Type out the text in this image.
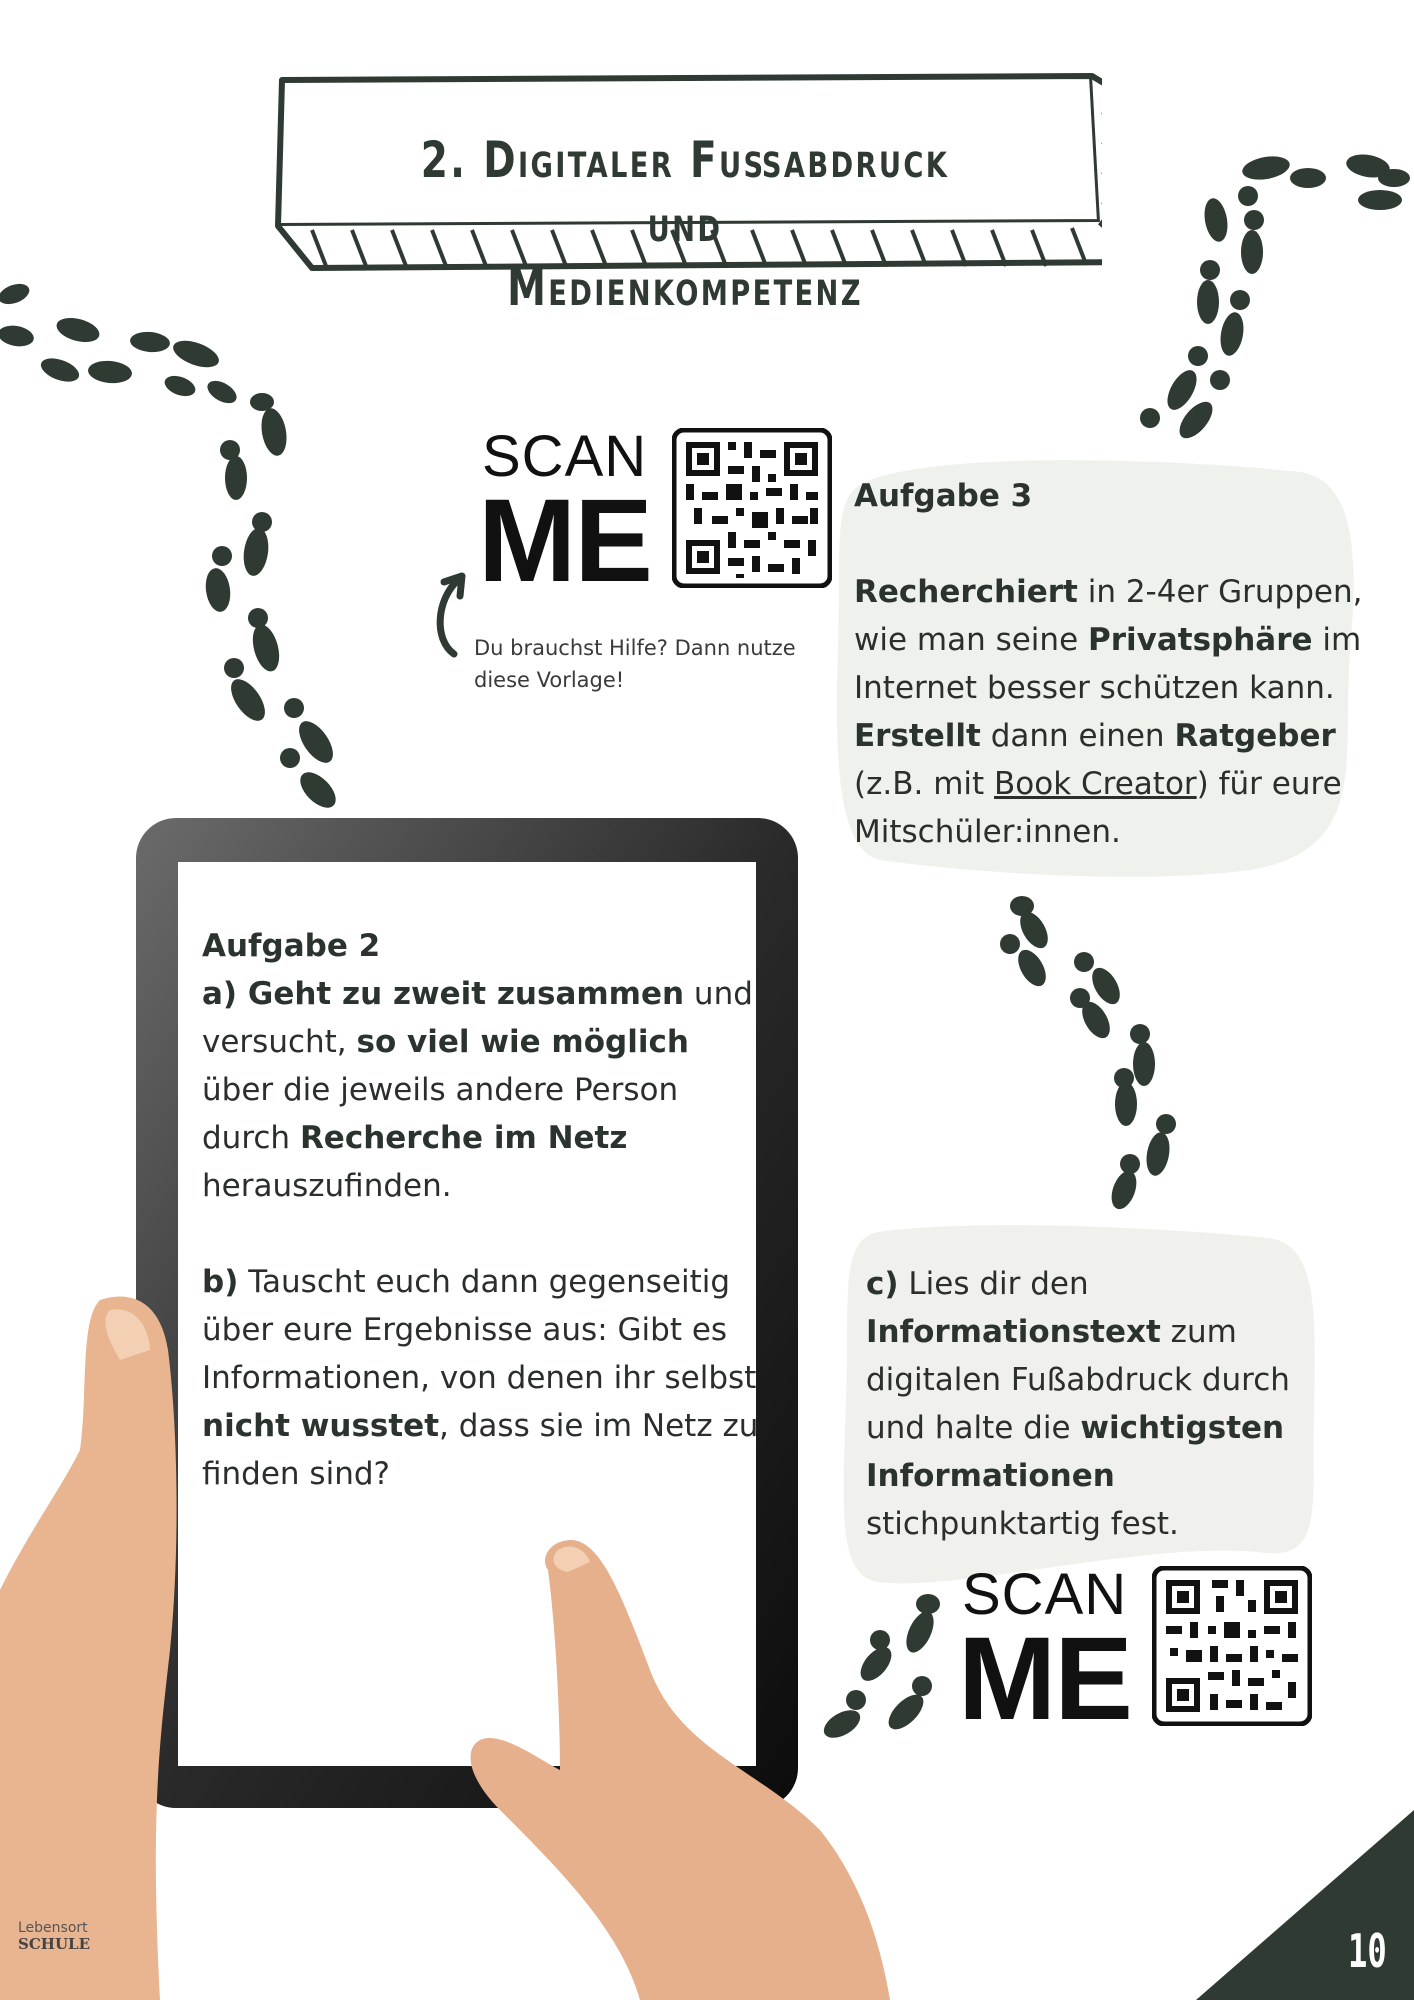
2. Digitaler Fußabdruck und
Medienkompetenz
SCAN
ME
Du brauchst Hilfe? Dann nutze diese Vorlage!
Aufgabe 3
Recherchiert in 2-4er Gruppen, wie man seine Privatsphäre im Internet besser schützen kann. Erstellt dann einen Ratgeber (z.B. mit Book Creator) für eure Mitschüler:innen.
Aufgabe 2
a) Geht zu zweit zusammen und versucht, so viel wie möglich über die jeweils andere Person durch Recherche im Netz herauszufinden.
b) Tauscht euch dann gegenseitig über eure Ergebnisse aus: Gibt es Informationen, von denen ihr selbst nicht wusstet, dass sie im Netz zu finden sind?
c) Lies dir den Informationstext zum digitalen Fußabdruck durch und halte die wichtigsten Informationen stichpunktartig fest.
SCAN
ME
10
Lebensort
SCHULE
